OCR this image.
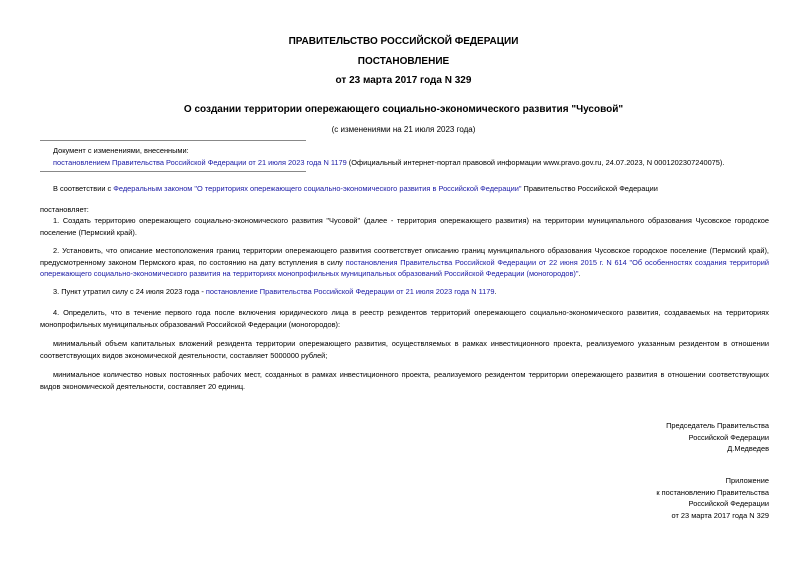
ПРАВИТЕЛЬСТВО РОССИЙСКОЙ ФЕДЕРАЦИИ
ПОСТАНОВЛЕНИЕ
от 23 марта 2017 года N 329
О создании территории опережающего социально-экономического развития "Чусовой"
(с изменениями на 21 июля 2023 года)
Документ с изменениями, внесенными:
постановлением Правительства Российской Федерации от 21 июля 2023 года N 1179 (Официальный интернет-портал правовой информации www.pravo.gov.ru, 24.07.2023, N 0001202307240075).
В соответствии с Федеральным законом "О территориях опережающего социально-экономического развития в Российской Федерации" Правительство Российской Федерации
постановляет:
1. Создать территорию опережающего социально-экономического развития "Чусовой" (далее - территория опережающего развития) на территории муниципального образования Чусовское городское поселение (Пермский край).
2. Установить, что описание местоположения границ территории опережающего развития соответствует описанию границ муниципального образования Чусовское городское поселение (Пермский край), предусмотренному законом Пермского края, по состоянию на дату вступления в силу постановления Правительства Российской Федерации от 22 июня 2015 г. N 614 "Об особенностях создания территорий опережающего социально-экономического развития на территориях монопрофильных муниципальных образований Российской Федерации (моногородов)".
3. Пункт утратил силу с 24 июля 2023 года - постановление Правительства Российской Федерации от 21 июля 2023 года N 1179.
4. Определить, что в течение первого года после включения юридического лица в реестр резидентов территорий опережающего социально-экономического развития, создаваемых на территориях монопрофильных муниципальных образований Российской Федерации (моногородов):
минимальный объем капитальных вложений резидента территории опережающего развития, осуществляемых в рамках инвестиционного проекта, реализуемого указанным резидентом в отношении соответствующих видов экономической деятельности, составляет 5000000 рублей;
минимальное количество новых постоянных рабочих мест, созданных в рамках инвестиционного проекта, реализуемого резидентом территории опережающего развития в отношении соответствующих видов экономической деятельности, составляет 20 единиц.
Председатель Правительства
Российской Федерации
Д.Медведев
Приложение
к постановлению Правительства
Российской Федерации
от 23 марта 2017 года N 329
